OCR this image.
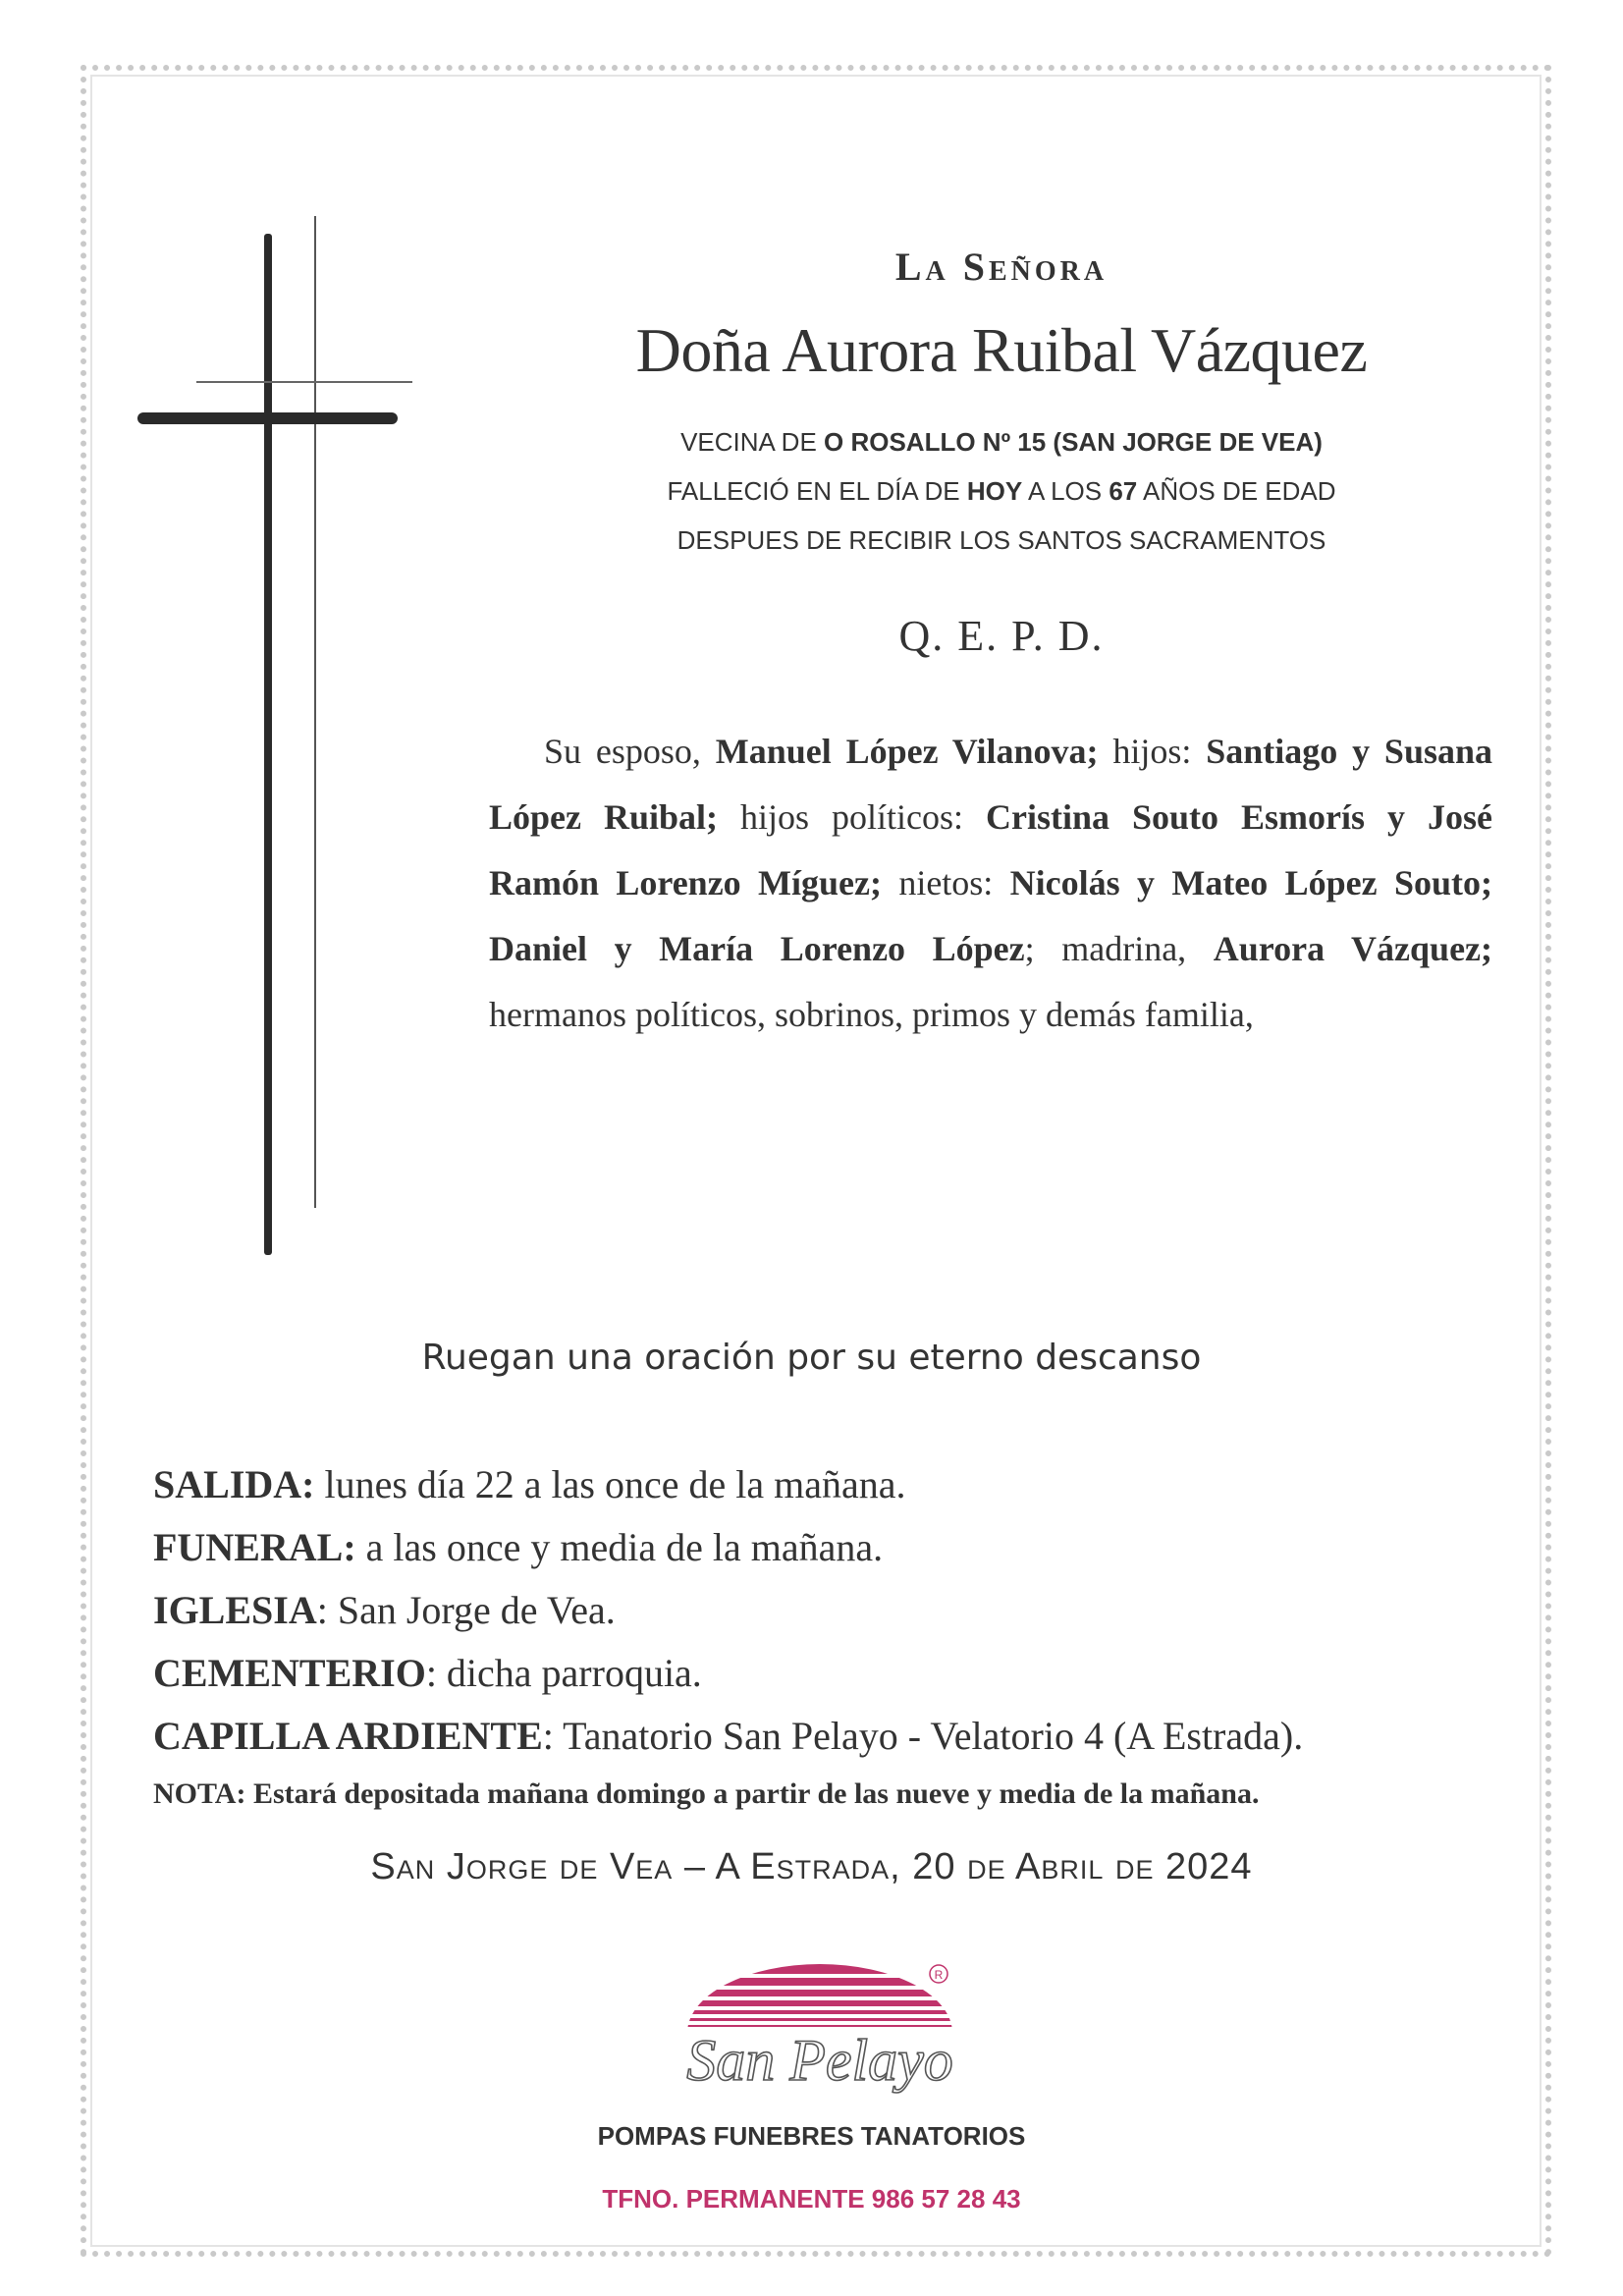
La Señora
Doña Aurora Ruibal Vázquez
VECINA DE O ROSALLO Nº 15 (SAN JORGE DE VEA)
FALLECIÓ EN EL DÍA DE HOY A LOS 67 AÑOS DE EDAD
DESPUES DE RECIBIR LOS SANTOS SACRAMENTOS
Q. E. P. D.
Su esposo, Manuel López Vilanova; hijos: Santiago y Susana López Ruibal; hijos políticos: Cristina Souto Esmorís y José Ramón Lorenzo Míguez; nietos: Nicolás y Mateo López Souto; Daniel y María Lorenzo López; madrina, Aurora Vázquez; hermanos políticos, sobrinos, primos y demás familia,
Ruegan una oración por su eterno descanso
SALIDA: lunes día 22 a las once de la mañana.
FUNERAL: a las once y media de la mañana.
IGLESIA: San Jorge de Vea.
CEMENTERIO: dicha parroquia.
CAPILLA ARDIENTE: Tanatorio San Pelayo - Velatorio 4 (A Estrada).
NOTA: Estará depositada mañana domingo a partir de las nueve y media de la mañana.
San Jorge de Vea – A Estrada, 20 de Abril de 2024
R
San Pelayo
POMPAS FUNEBRES TANATORIOS
TFNO. PERMANENTE 986 57 28 43
